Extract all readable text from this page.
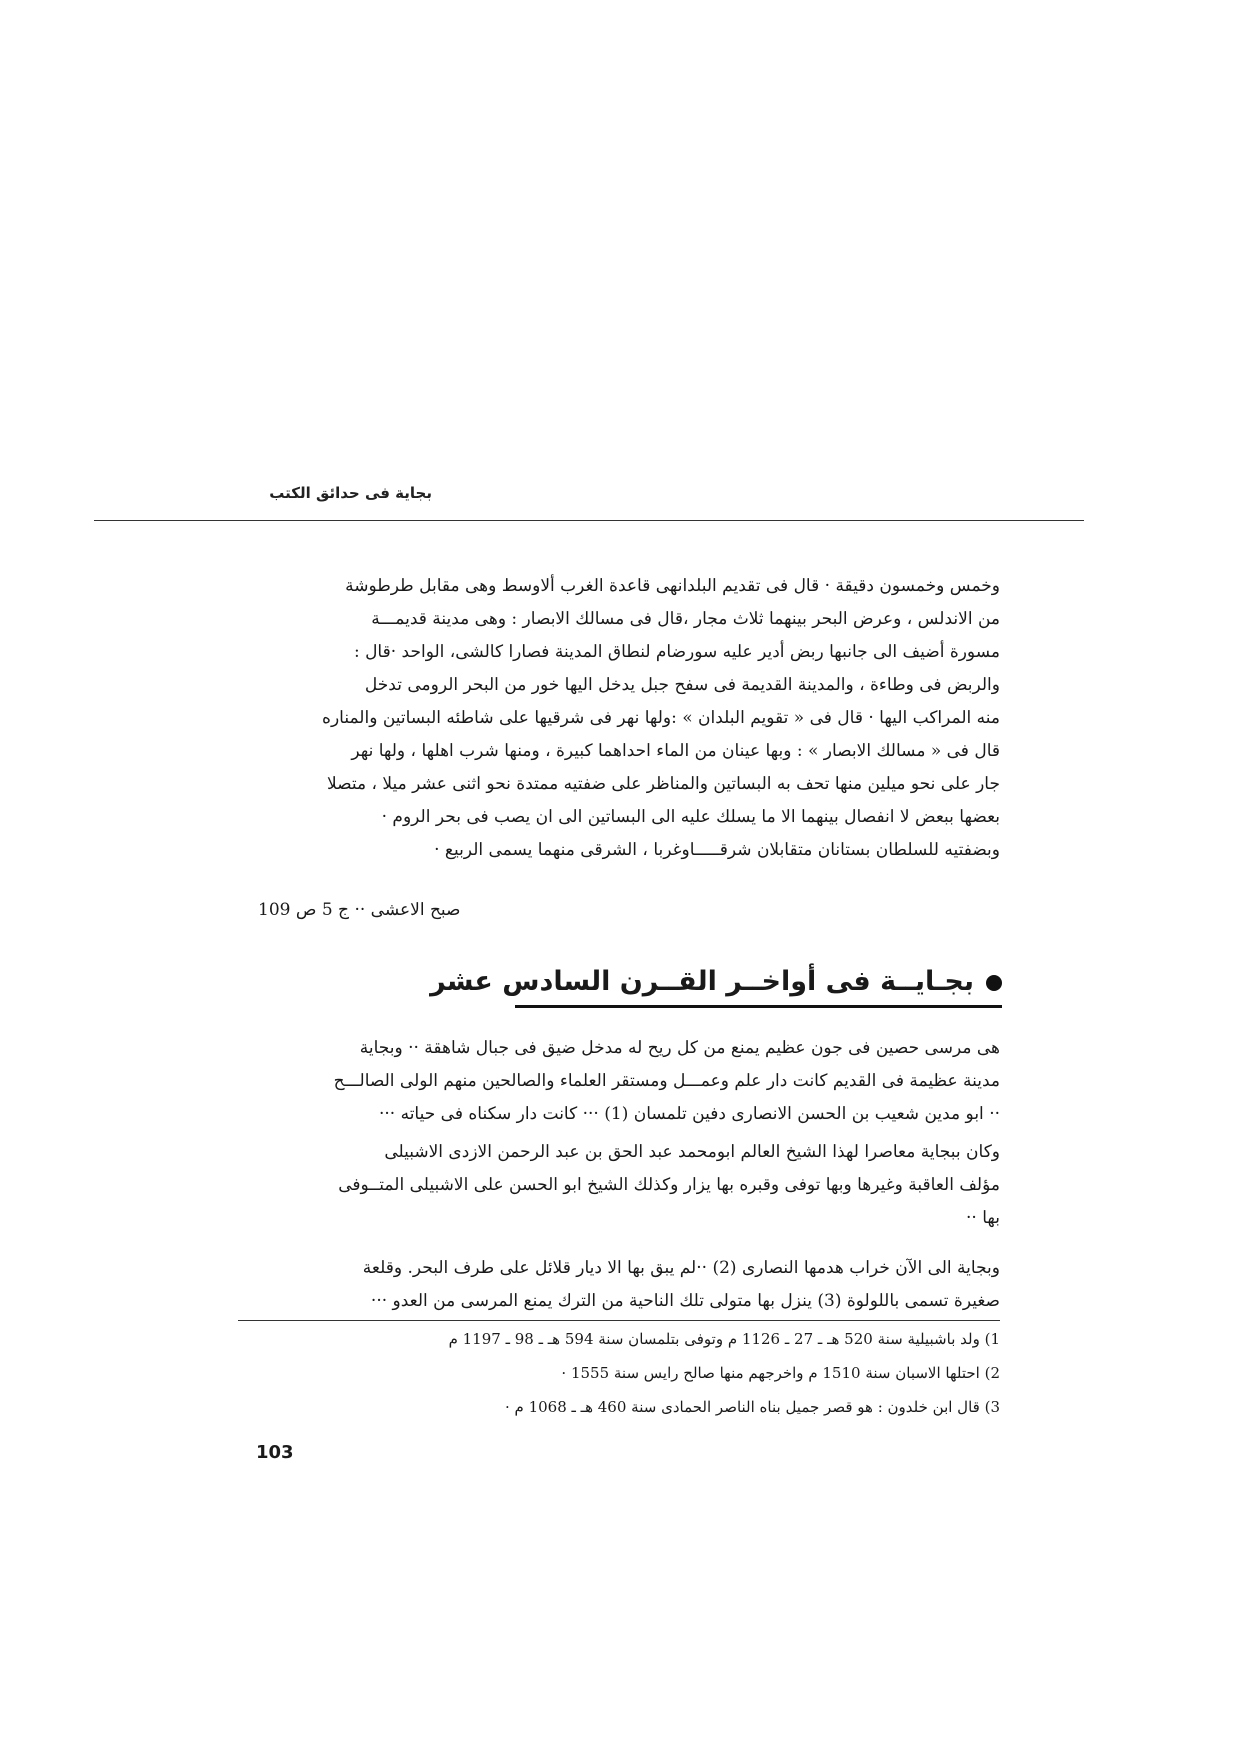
بجاية فى حدائق الكتب
وخمس وخمسون دقيقة · قال فى تقديم البلدانهى قاعدة الغرب ألاوسط وهى مقابل طرطوشة
من الاندلس ، وعرض البحر بينهما ثلاث مجار ،قال فى مسالك الابصار : وهى مدينة قديمـــة
مسورة أضيف الى جانبها ربض أدير عليه سورضام لنطاق المدينة فصارا كالشى، الواحد ·قال :
والربض فى وطاءة ، والمدينة القديمة فى سفح جبل يدخل اليها خور من البحر الرومى تدخل
منه المراكب اليها · قال فى « تقويم البلدان » :ولها نهر فى شرقيها على شاطئه البساتين والمناره
قال فى « مسالك الابصار » : وبها عينان من الماء احداهما كبيرة ، ومنها شرب اهلها ، ولها نهر
جار على نحو ميلين منها تحف به البساتين والمناظر على ضفتيه ممتدة نحو اثنى عشر ميلا ، متصلا
بعضها ببعض لا انفصال بينهما الا ما يسلك عليه الى البساتين الى ان يصب فى بحر الروم ·
وبضفتيه للسلطان بستانان متقابلان شرقـــــاوغربا ، الشرقى منهما يسمى الربيع ·
صبح الاعشى ·· ج 5 ص 109
بجـايــة فى أواخــر القــرن السادس عشر
هى مرسى حصين فى جون عظيم يمنع من كل ريح له مدخل ضيق فى جبال شاهقة ·· وبجاية
مدينة عظيمة فى القديم كانت دار علم وعمـــل ومستقر العلماء والصالحين منهم الولى الصالـــح
·· ابو مدين شعيب بن الحسن الانصارى دفين تلمسان (1) ··· كانت دار سكناه فى حياته ···
وكان ببجاية معاصرا لهذا الشيخ العالم ابومحمد عبد الحق بن عبد الرحمن الازدى الاشبيلى
مؤلف العاقبة وغيرها وبها توفى وقبره بها يزار وكذلك الشيخ ابو الحسن على الاشبيلى المتــوفى
بها ··
وبجاية الى الآن خراب هدمها النصارى (2) ··لم يبق بها الا ديار قلائل على طرف البحر. وقلعة
صغيرة تسمى باللولوة (3) ينزل بها متولى تلك الناحية من الترك يمنع المرسى من العدو ···
1) ولد باشبيلية سنة 520 هـ ـ 27 ـ 1126 م وتوفى بتلمسان سنة 594 هـ ـ 98 ـ 1197 م
2) احتلها الاسبان سنة 1510 م واخرجهم منها صالح رايس سنة 1555 ·
3) قال ابن خلدون : هو قصر جميل بناه الناصر الحمادى سنة 460 هـ ـ 1068 م ·
103
